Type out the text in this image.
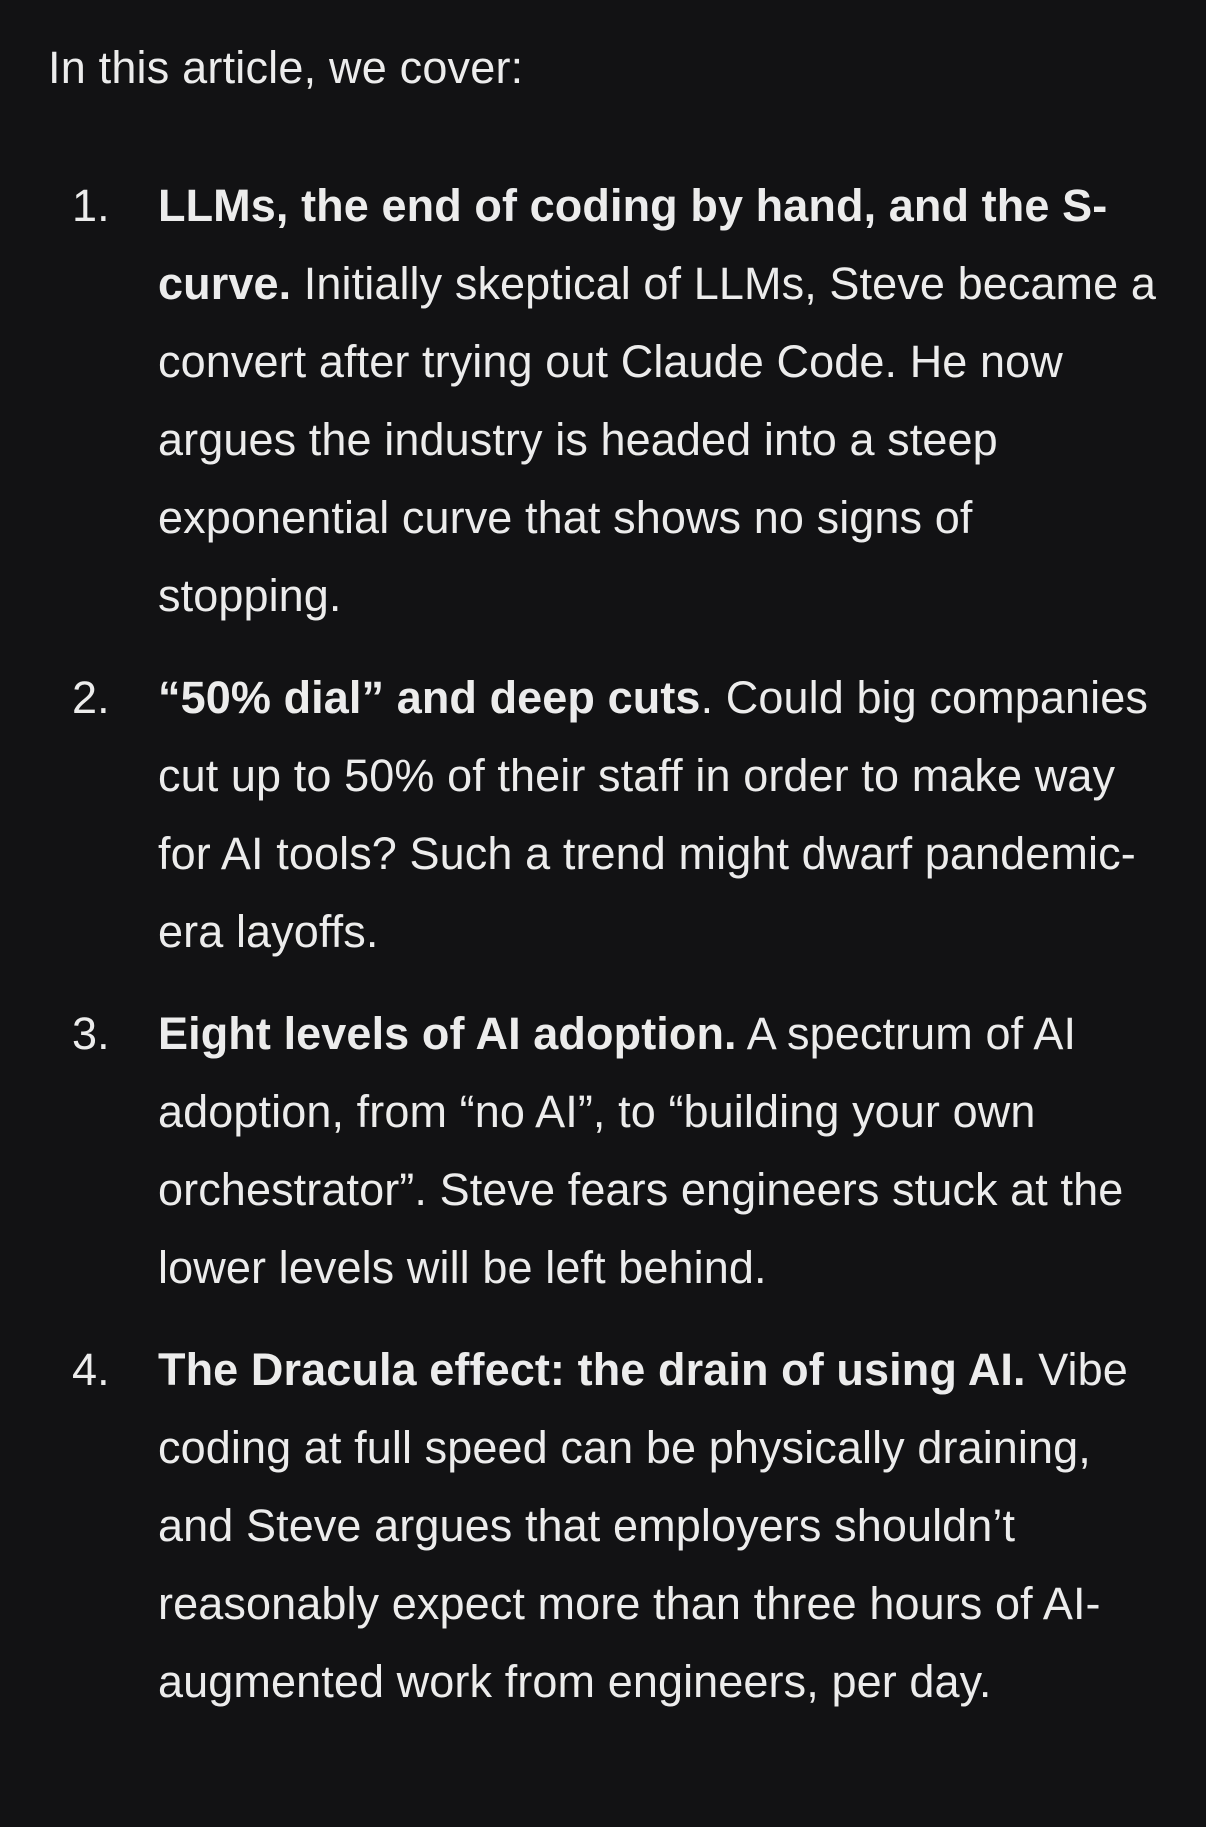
In this article, we cover:

1.	LLMs, the end of coding by hand, and the S-curve. Initially skeptical of LLMs, Steve became a convert after trying out Claude Code. He now argues the industry is headed into a steep exponential curve that shows no signs of stopping.
2.	“50% dial” and deep cuts. Could big companies cut up to 50% of their staff in order to make way for AI tools? Such a trend might dwarf pandemic-era layoffs.
3.	Eight levels of AI adoption. A spectrum of AI adoption, from “no AI”, to “building your own orchestrator”. Steve fears engineers stuck at the lower levels will be left behind.
4.	The Dracula effect: the drain of using AI. Vibe coding at full speed can be physically draining, and Steve argues that employers shouldn’t reasonably expect more than three hours of AI-augmented work from engineers, per day.
